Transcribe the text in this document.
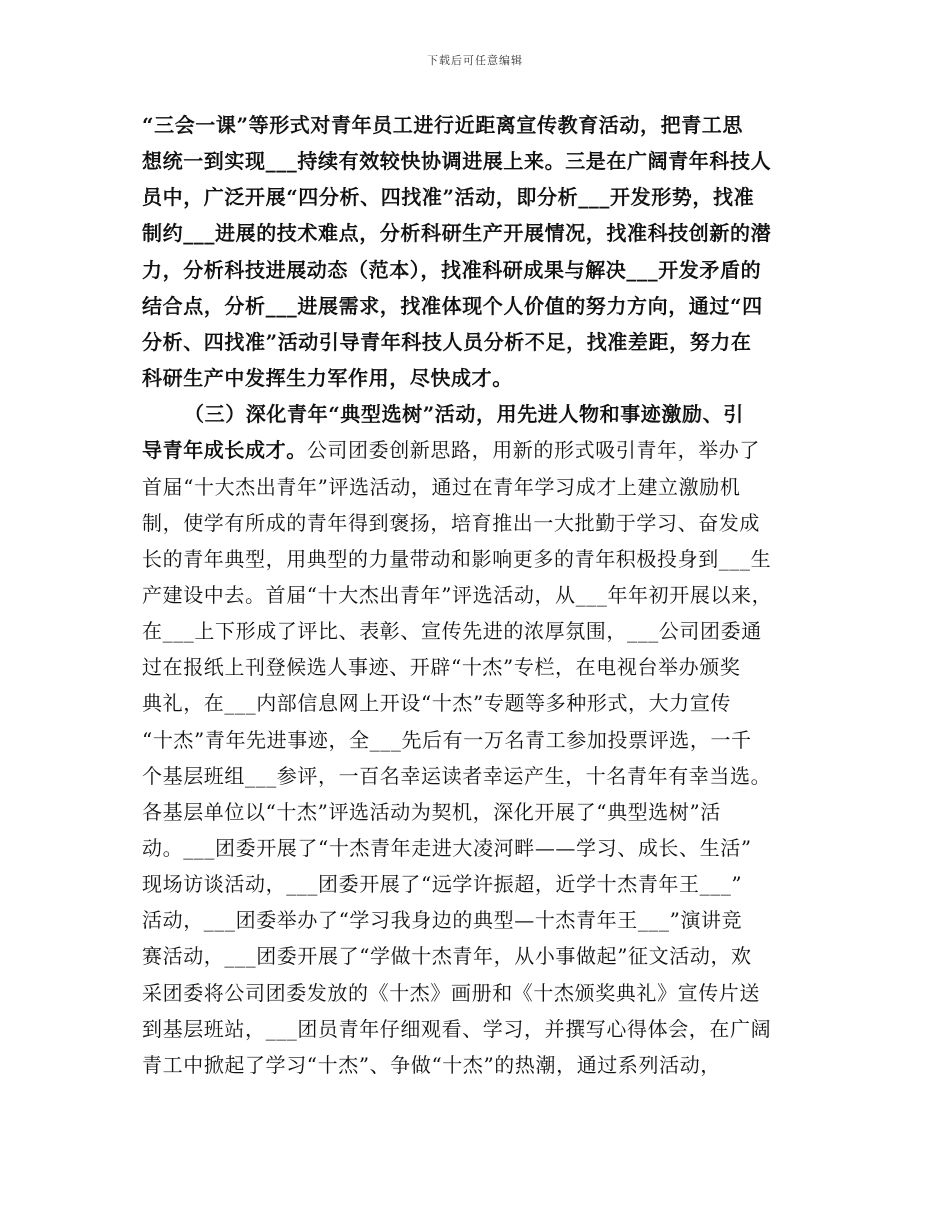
下载后可任意编辑
“三会一课”等形式对青年员工进行近距离宣传教育活动，把青工思
想统一到实现___持续有效较快协调进展上来。三是在广阔青年科技人
员中，广泛开展“四分析、四找准”活动，即分析___开发形势，找准
制约___进展的技术难点，分析科研生产开展情况，找准科技创新的潜
力，分析科技进展动态（范本），找准科研成果与解决___开发矛盾的
结合点，分析___进展需求，找准体现个人价值的努力方向，通过“四
分析、四找准”活动引导青年科技人员分析不足，找准差距，努力在
科研生产中发挥生力军作用，尽快成才。
（三）深化青年“典型选树”活动，用先进人物和事迹激励、引
导青年成长成才。公司团委创新思路，用新的形式吸引青年，举办了
首届“十大杰出青年”评选活动，通过在青年学习成才上建立激励机
制，使学有所成的青年得到褒扬，培育推出一大批勤于学习、奋发成
长的青年典型，用典型的力量带动和影响更多的青年积极投身到___生
产建设中去。首届“十大杰出青年”评选活动，从___年年初开展以来，
在___上下形成了评比、表彰、宣传先进的浓厚氛围，___公司团委通
过在报纸上刊登候选人事迹、开辟“十杰”专栏，在电视台举办颁奖
典礼，在___内部信息网上开设“十杰”专题等多种形式，大力宣传
“十杰”青年先进事迹，全___先后有一万名青工参加投票评选，一千
个基层班组___参评，一百名幸运读者幸运产生，十名青年有幸当选。
各基层单位以“十杰”评选活动为契机，深化开展了“典型选树”活
动。___团委开展了“十杰青年走进大凌河畔——学习、成长、生活”
现场访谈活动，___团委开展了“远学许振超，近学十杰青年王___”
活动，___团委举办了“学习我身边的典型—十杰青年王___”演讲竞
赛活动，___团委开展了“学做十杰青年，从小事做起”征文活动，欢
采团委将公司团委发放的《十杰》画册和《十杰颁奖典礼》宣传片送
到基层班站，___团员青年仔细观看、学习，并撰写心得体会，在广阔
青工中掀起了学习“十杰”、争做“十杰”的热潮，通过系列活动，
